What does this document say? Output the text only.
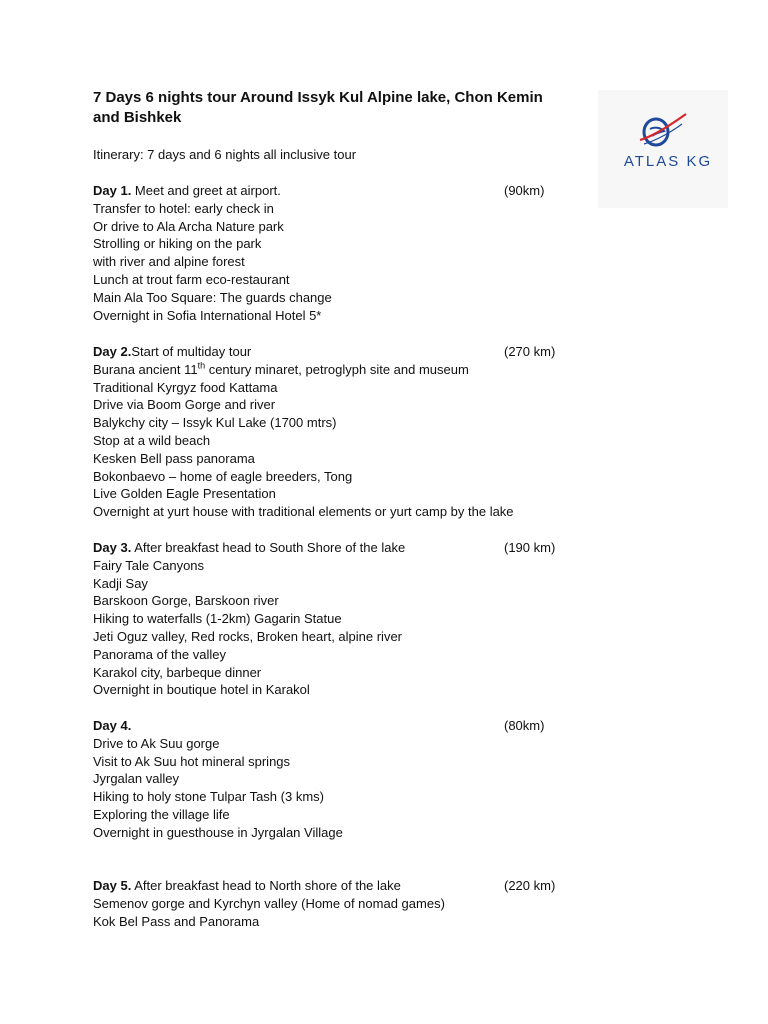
7 Days 6 nights tour Around Issyk Kul Alpine lake, Chon Kemin and Bishkek
ATLAS KG
Itinerary: 7 days and 6 nights all inclusive tour
Day 1. Meet and greet at airport.	(90km)
Transfer to hotel: early check in
Or drive to Ala Archa Nature park
Strolling or hiking on the park
with river and alpine forest
Lunch at trout farm eco-restaurant
Main Ala Too Square: The guards change
Overnight in Sofia International Hotel 5*
Day 2.Start of multiday tour	(270 km)
Burana ancient 11th century minaret, petroglyph site and museum
Traditional Kyrgyz food Kattama
Drive via Boom Gorge and river
Balykchy city – Issyk Kul Lake (1700 mtrs)
Stop at a wild beach
Kesken Bell pass panorama
Bokonbaevo – home of eagle breeders, Tong
Live Golden Eagle Presentation
Overnight at yurt house with traditional elements or yurt camp by the lake
Day 3. After breakfast head to South Shore of the lake	(190 km)
Fairy Tale Canyons
Kadji Say
Barskoon Gorge, Barskoon river
Hiking to waterfalls (1-2km) Gagarin Statue
Jeti Oguz valley, Red rocks, Broken heart, alpine river
Panorama of the valley
Karakol city, barbeque dinner
Overnight in boutique hotel in Karakol
Day 4.	(80km)
Drive to Ak Suu gorge
Visit to Ak Suu hot mineral springs
Jyrgalan valley
Hiking to holy stone Tulpar Tash (3 kms)
Exploring the village life
Overnight in guesthouse in Jyrgalan Village
Day 5. After breakfast head to North shore of the lake	(220 km)
Semenov gorge and Kyrchyn valley (Home of nomad games)
Kok Bel Pass and Panorama
